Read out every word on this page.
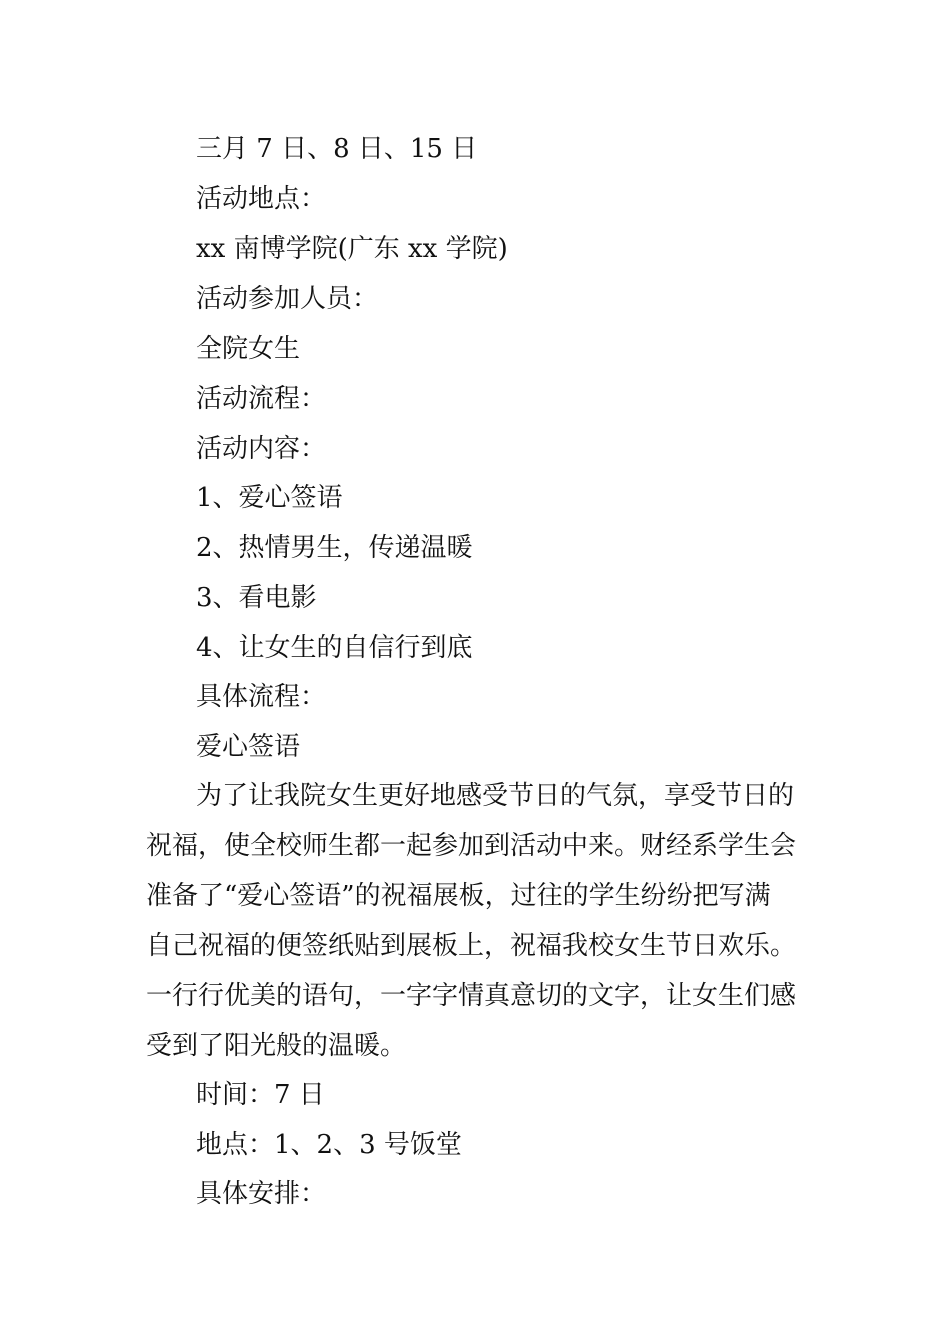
三月 7 日、8 日、15 日
活动地点：
xx 南博学院(广东 xx 学院)
活动参加人员：
全院女生
活动流程：
活动内容：
1、爱心签语
2、热情男生，传递温暖
3、看电影
4、让女生的自信行到底
具体流程：
爱心签语
为了让我院女生更好地感受节日的气氛，享受节日的
祝福，使全校师生都一起参加到活动中来。财经系学生会
准备了“爱心签语”的祝福展板，过往的学生纷纷把写满
自己祝福的便签纸贴到展板上，祝福我校女生节日欢乐。
一行行优美的语句，一字字情真意切的文字，让女生们感
受到了阳光般的温暖。
时间：7 日
地点：1、2、3 号饭堂
具体安排：
